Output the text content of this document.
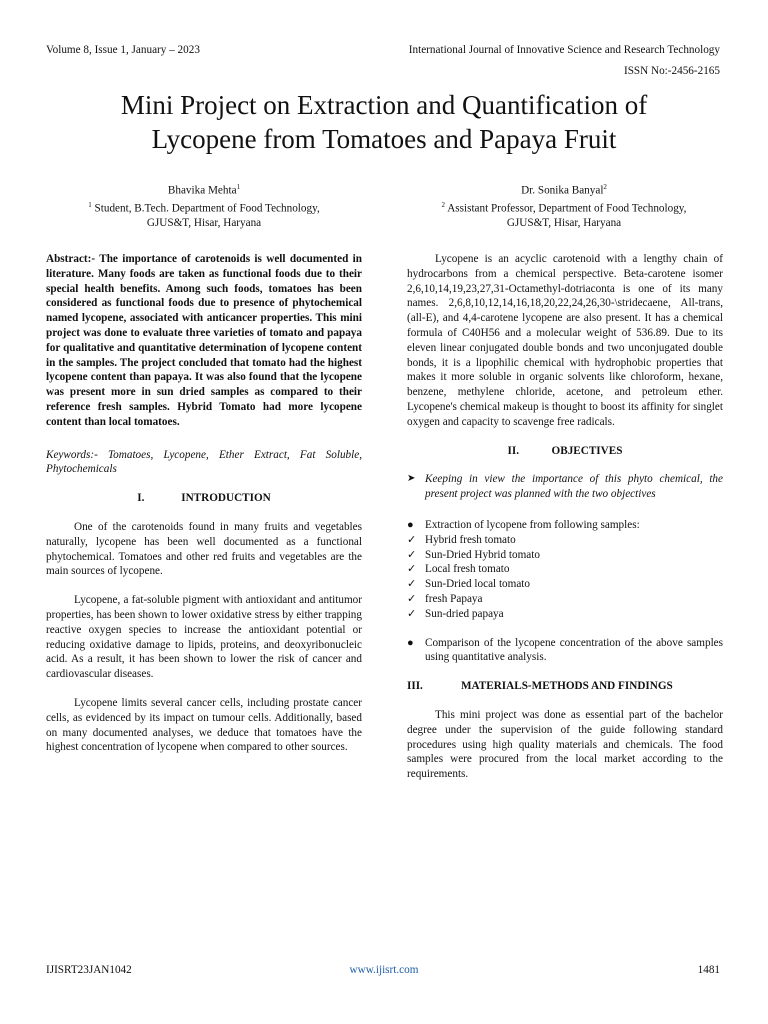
Volume 8, Issue 1, January – 2023	International Journal of Innovative Science and Research Technology
ISSN No:-2456-2165
Mini Project on Extraction and Quantification of
Lycopene from Tomatoes and Papaya Fruit
Bhavika Mehta$^1$
$^1$ Student, B.Tech. Department of Food Technology,
GJUS&T, Hisar, Haryana
Dr. Sonika Banyal$^2$
$^2$ Assistant Professor, Department of Food Technology,
GJUS&T, Hisar, Haryana

Abstract:- The importance of carotenoids is well documented in literature. Many foods are taken as functional foods due to their special health benefits. Among such foods, tomatoes has been considered as functional foods due to presence of phytochemical named lycopene, associated with anticancer properties. This mini project was done to evaluate three varieties of tomato and papaya for qualitative and quantitative determination of lycopene content in the samples. The project concluded that tomato had the highest lycopene content than papaya. It was also found that the lycopene was present more in sun dried samples as compared to their reference fresh samples. Hybrid Tomato had more lycopene content than local tomatoes.

Keywords:- Tomatoes, Lycopene, Ether Extract, Fat Soluble, Phytochemicals

I.	INTRODUCTION

One of the carotenoids found in many fruits and vegetables naturally, lycopene has been well documented as a functional phytochemical. Tomatoes and other red fruits and vegetables are the main sources of lycopene.

Lycopene, a fat-soluble pigment with antioxidant and antitumor properties, has been shown to lower oxidative stress by either trapping reactive oxygen species to increase the antioxidant potential or reducing oxidative damage to lipids, proteins, and deoxyribonucleic acid. As a result, it has been shown to lower the risk of cancer and cardiovascular diseases.

Lycopene limits several cancer cells, including prostate cancer cells, as evidenced by its impact on tumour cells. Additionally, based on many documented analyses, we deduce that tomatoes have the highest concentration of lycopene when compared to other sources.

Lycopene is an acyclic carotenoid with a lengthy chain of hydrocarbons from a chemical perspective. Beta-carotene isomer 2,6,10,14,19,23,27,31-Octamethyl-dotriaconta is one of its many names. 2,6,8,10,12,14,16,18,20,22,24,26,30-\stridecaene, All-trans, (all-E), and 4,4-carotene lycopene are also present. It has a chemical formula of C40H56 and a molecular weight of 536.89. Due to its eleven linear conjugated double bonds and two unconjugated double bonds, it is a lipophilic chemical with hydrophobic properties that makes it more soluble in organic solvents like chloroform, hexane, benzene, methylene chloride, acetone, and petroleum ether. Lycopene's chemical makeup is thought to boost its affinity for singlet oxygen and capacity to scavenge free radicals.

II.	OBJECTIVES
➤ Keeping in view the importance of this phyto chemical, the present project was planned with the two objectives

●	Extraction of lycopene from following samples:
✓ Hybrid fresh tomato
✓ Sun-Dried Hybrid tomato
✓ Local fresh tomato
✓ Sun-Dried local tomato
✓ fresh Papaya
✓ Sun-dried papaya
●	Comparison of the lycopene concentration of the above samples using quantitative analysis.

III.	MATERIALS-METHODS AND FINDINGS

This mini project was done as essential part of the bachelor degree under the supervision of the guide following standard procedures using high quality materials and chemicals. The food samples were procured from the local market according to the requirements.

IJISRT23JAN1042	www.ijisrt.com	1481
